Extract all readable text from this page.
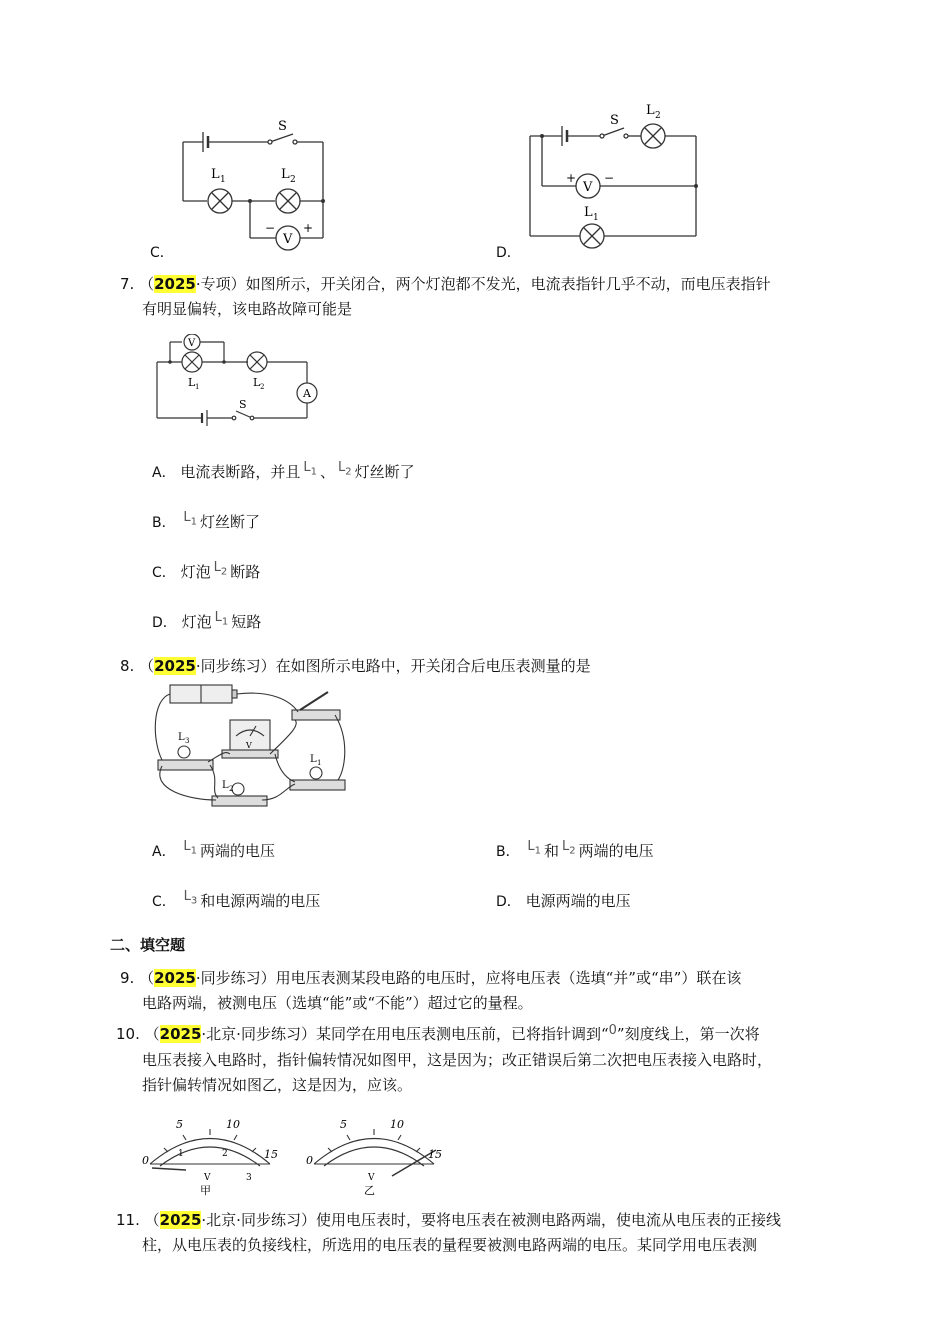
C．
S
L 1	L 2
V
− +
D．
S
L 2
V
+ −
L 1
7. （2025·专项）如图所示，开关闭合，两个灯泡都不发光，电流表指针几乎不动，而电压表指针
有明显偏转，该电路故障可能是
V
L 1	L 2	A
S
A． 电流表断路，并且 $L_1$ 、 $L_2$ 灯丝断了
B． $L_1$ 灯丝断了
C． 灯泡 $L_2$ 断路
D． 灯泡 $L_1$ 短路
8. （2025·同步练习）在如图所示电路中，开关闭合后电压表测量的是
L 3
L 2
L 1
V
A． $L_1$ 两端的电压	B． $L_1$ 和 $L_2$ 两端的电压
C． $L_3$ 和电源两端的电压	D． 电源两端的电压
二、填空题
9. （2025·同步练习）用电压表测某段电路的电压时，应将电压表（选填“并”或“串”）联在该
电路两端，被测电压（选填“能”或“不能”）超过它的量程。
10. （2025·北京·同步练习）某同学在用电压表测电压前，已将指针调到“0”刻度线上，第一次将
电压表接入电路时，指针偏转情况如图甲，这是因为；改正错误后第二次把电压表接入电路时，
指针偏转情况如图乙，这是因为，应该。
0
5	10
15
1	2
3
V
甲
0
5	10
15
V
乙
11. （2025·北京·同步练习）使用电压表时，要将电压表在被测电路两端，使电流从电压表的正接线
柱，从电压表的负接线柱，所选用的电压表的量程要被测电路两端的电压。某同学用电压表测
